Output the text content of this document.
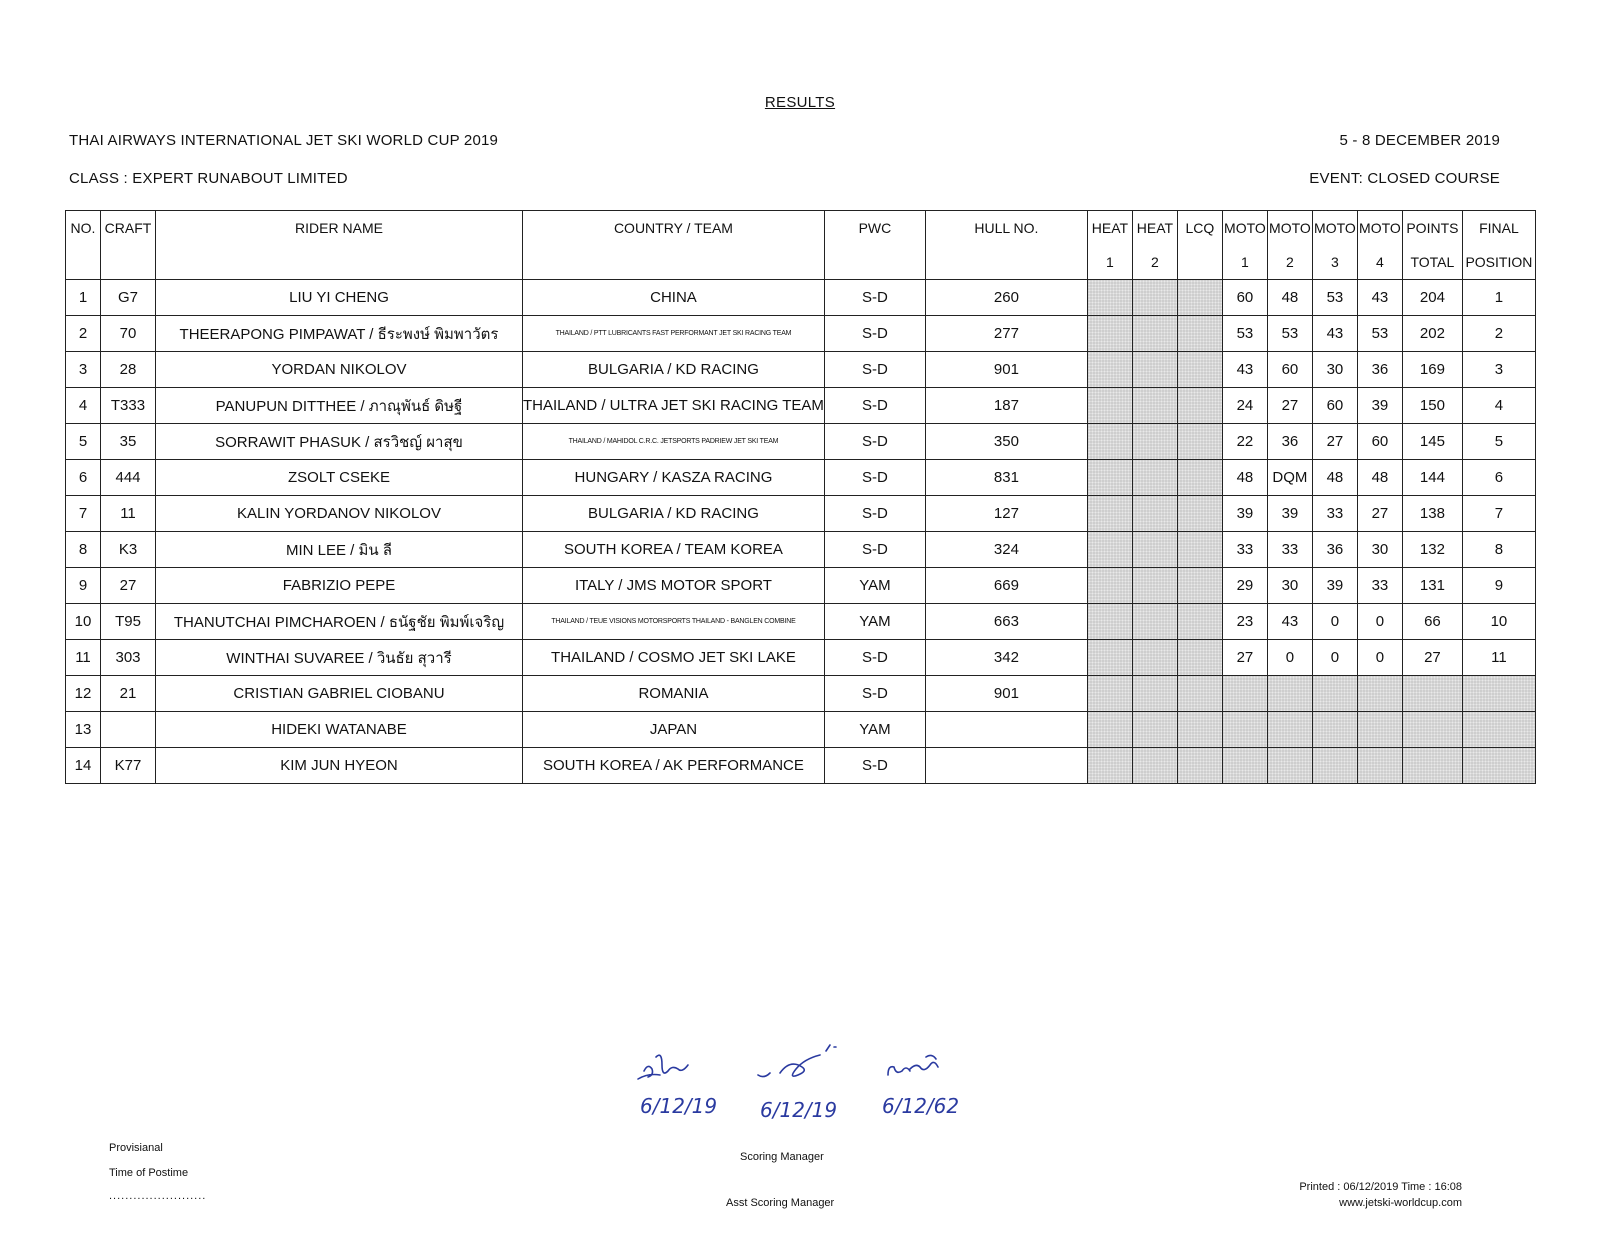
RESULTS
THAI AIRWAYS INTERNATIONAL JET SKI WORLD CUP 2019	5 - 8 DECEMBER 2019
CLASS : EXPERT RUNABOUT LIMITED	EVENT: CLOSED COURSE
NO.	CRAFT	RIDER NAME	COUNTRY / TEAM	PWC	HULL NO.	HEAT	HEAT	LCQ	MOTO	MOTO	MOTO	MOTO	POINTS	FINAL
						1	2		1	2	3	4	TOTAL	POSITION
1	G7	LIU YI CHENG	CHINA	S-D	260				60	48	53	43	204	1
2	70	THEERAPONG PIMPAWAT / ธีระพงษ์ พิมพาวัตร	THAILAND / PTT LUBRICANTS FAST PERFORMANT JET SKI RACING TEAM	S-D	277				53	53	43	53	202	2
3	28	YORDAN NIKOLOV	BULGARIA / KD RACING	S-D	901				43	60	30	36	169	3
4	T333	PANUPUN DITTHEE / ภาณุพันธ์ ดิษฐี	THAILAND / ULTRA JET SKI RACING TEAM	S-D	187				24	27	60	39	150	4
5	35	SORRAWIT PHASUK / สรวิชญ์ ผาสุข	THAILAND / MAHIDOL C.R.C. JETSPORTS PADRIEW JET SKI TEAM	S-D	350				22	36	27	60	145	5
6	444	ZSOLT CSEKE	HUNGARY / KASZA RACING	S-D	831				48	DQM	48	48	144	6
7	11	KALIN YORDANOV NIKOLOV	BULGARIA / KD RACING	S-D	127				39	39	33	27	138	7
8	K3	MIN LEE / มิน ลี	SOUTH KOREA / TEAM KOREA	S-D	324				33	33	36	30	132	8
9	27	FABRIZIO PEPE	ITALY / JMS MOTOR SPORT	YAM	669				29	30	39	33	131	9
10	T95	THANUTCHAI PIMCHAROEN / ธนัฐชัย พิมพ์เจริญ	THAILAND / TEUE VISIONS MOTORSPORTS THAILAND - BANGLEN COMBINE	YAM	663				23	43	0	0	66	10
11	303	WINTHAI SUVAREE / วินธัย สุวารี	THAILAND / COSMO JET SKI LAKE	S-D	342				27	0	0	0	27	11
12	21	CRISTIAN GABRIEL CIOBANU	ROMANIA	S-D	901									
13		HIDEKI WATANABE	JAPAN	YAM										
14	K77	KIM JUN HYEON	SOUTH KOREA / AK PERFORMANCE	S-D										
6/12/19 6/12/19 6/12/62
Provisianal
Time of Postime
........................
Scoring Manager
Asst Scoring Manager
Printed : 06/12/2019 Time : 16:08
www.jetski-worldcup.com
